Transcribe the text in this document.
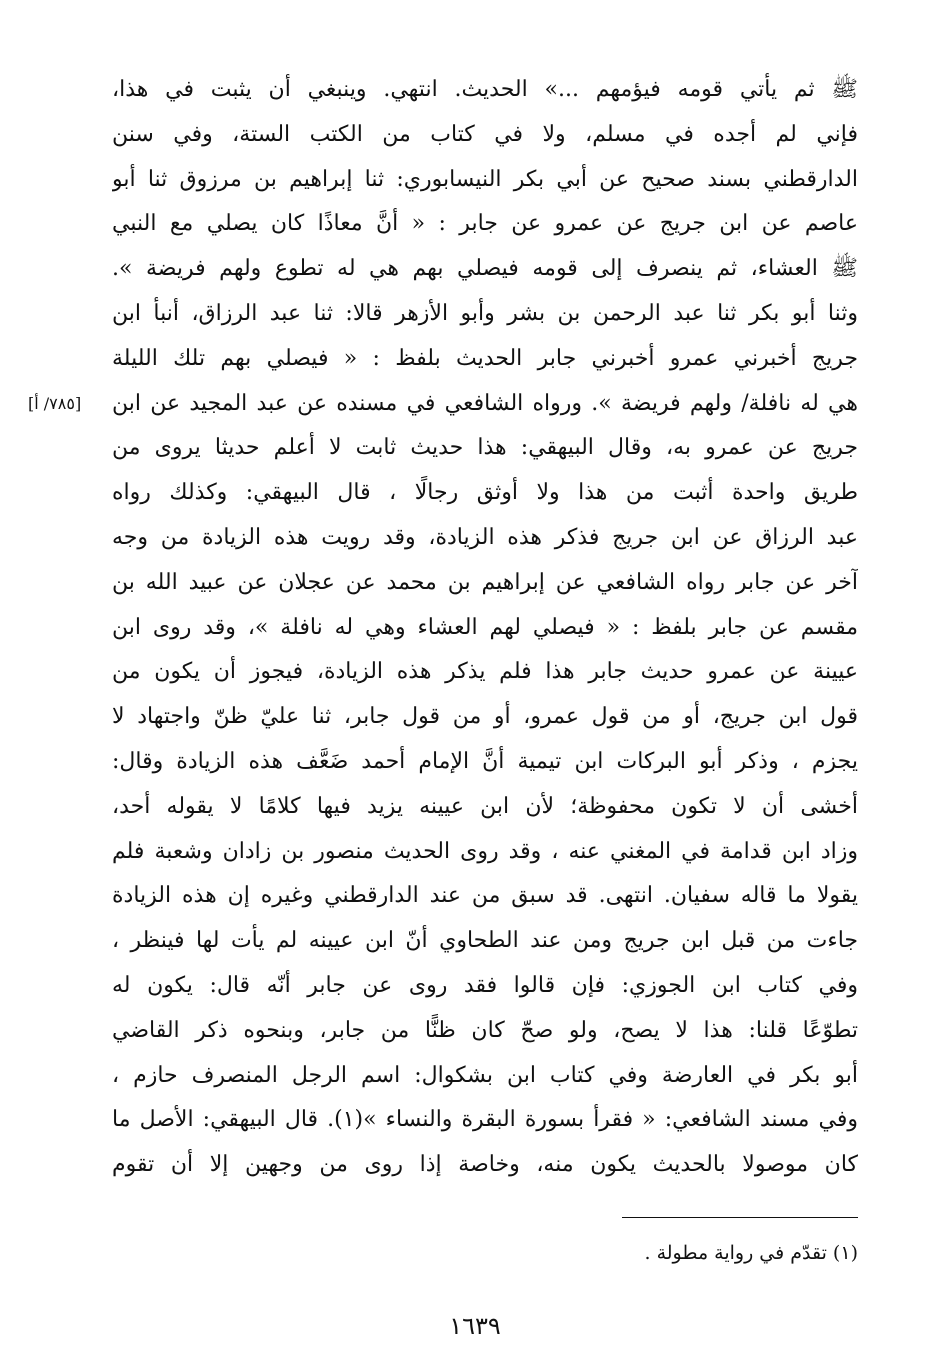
ﷺ ثم يأتي قومه فيؤمهم ...» الحديث. انتهي. وينبغي أن يثبت في هذا،
فإني لم أجده في مسلم، ولا في كتاب من الكتب الستة، وفي سنن
الدارقطني بسند صحيح عن أبي بكر النيسابوري: ثنا إبراهيم بن مرزوق ثنا أبو
عاصم عن ابن جريج عن عمرو عن جابر : « أنَّ معاذًا كان يصلي مع النبي
ﷺ العشاء، ثم ينصرف إلى قومه فيصلي بهم هي له تطوع ولهم فريضة ».
وثنا أبو بكر ثنا عبد الرحمن بن بشر وأبو الأزهر قالا: ثنا عبد الرزاق، أنبأ ابن
جريج أخبرني عمرو أخبرني جابر الحديث بلفظ : « فيصلي بهم تلك الليلة
هي له نافلة/ ولهم فريضة ». ورواه الشافعي في مسنده عن عبد المجيد عن ابن
جريج عن عمرو به، وقال البيهقي: هذا حديث ثابت لا أعلم حديثا يروى من
طريق واحدة أثبت من هذا ولا أوثق رجالًا ، قال البيهقي: وكذلك رواه
عبد الرزاق عن ابن جريج فذكر هذه الزيادة، وقد رويت هذه الزيادة من وجه
آخر عن جابر رواه الشافعي عن إبراهيم بن محمد عن عجلان عن عبيد الله بن
مقسم عن جابر بلفظ : « فيصلي لهم العشاء وهي له نافلة »، وقد روى ابن
عيينة عن عمرو حديث جابر هذا فلم يذكر هذه الزيادة، فيجوز أن يكون من
قول ابن جريج، أو من قول عمرو، أو من قول جابر، ثنا عليّ ظنّ واجتهاد لا
يجزم ، وذكر أبو البركات ابن تيمية أنَّ الإمام أحمد ضَعَّف هذه الزيادة وقال:
أخشى أن لا تكون محفوظة؛ لأن ابن عيينه يزيد فيها كلامًا لا يقوله أحد،
وزاد ابن قدامة في المغني عنه ، وقد روى الحديث منصور بن زادان وشعبة فلم
يقولا ما قاله سفيان. انتهى. قد سبق من عند الدارقطني وغيره إن هذه الزيادة
جاءت من قبل ابن جريج ومن عند الطحاوي أنّ ابن عيينه لم يأت لها فينظر ،
وفي كتاب ابن الجوزي: فإن قالوا فقد روى عن جابر أنّه قال: يكون له
تطوّعًا قلنا: هذا لا يصح، ولو صحّ كان ظنًّا من جابر، وبنحوه ذكر القاضي
أبو بكر في العارضة وفي كتاب ابن بشكوال: اسم الرجل المنصرف حازم ،
وفي مسند الشافعي: « فقرأ بسورة البقرة والنساء »(١). قال البيهقي: الأصل ما
كان موصولا بالحديث يكون منه، وخاصة إذا روى من وجهين إلا أن تقوم
[٧٨٥/ أ]
(١) تقدّم في رواية مطولة .
١٦٣٩
